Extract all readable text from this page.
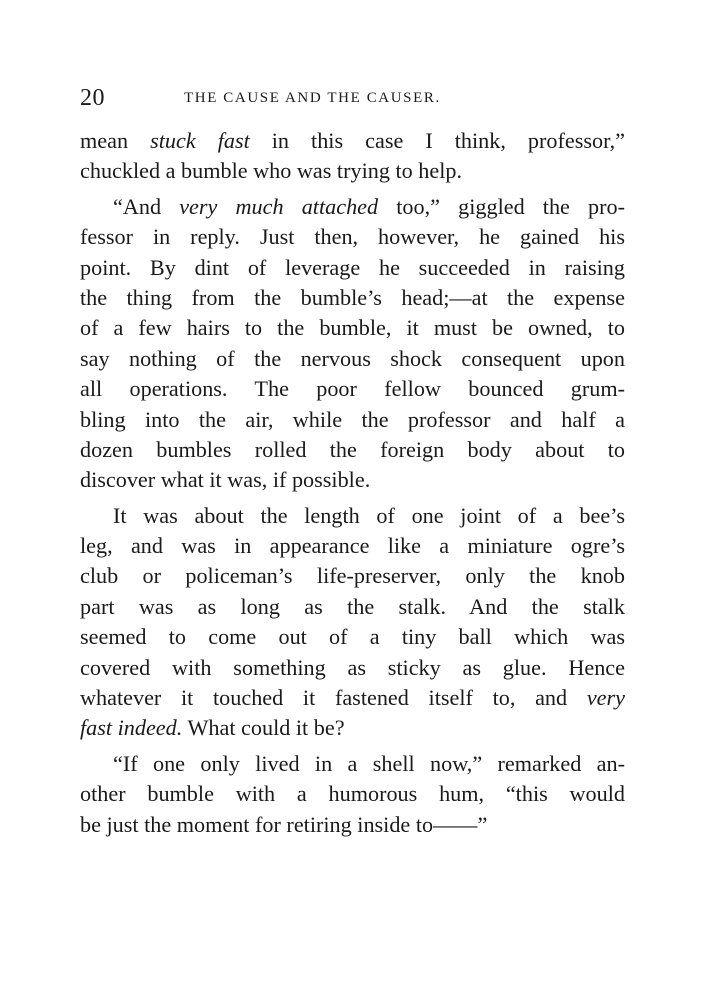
20	THE CAUSE AND THE CAUSER.
mean stuck fast in this case I think, professor,”
chuckled a bumble who was trying to help.
“And very much attached too,” giggled the pro-
fessor in reply. Just then, however, he gained his
point. By dint of leverage he succeeded in raising
the thing from the bumble’s head;—at the expense
of a few hairs to the bumble, it must be owned, to
say nothing of the nervous shock consequent upon
all operations. The poor fellow bounced grum-
bling into the air, while the professor and half a
dozen bumbles rolled the foreign body about to
discover what it was, if possible.
It was about the length of one joint of a bee’s
leg, and was in appearance like a miniature ogre’s
club or policeman’s life-preserver, only the knob
part was as long as the stalk. And the stalk
seemed to come out of a tiny ball which was
covered with something as sticky as glue. Hence
whatever it touched it fastened itself to, and very
fast indeed. What could it be?
“If one only lived in a shell now,” remarked an-
other bumble with a humorous hum, “this would
be just the moment for retiring inside to——”
